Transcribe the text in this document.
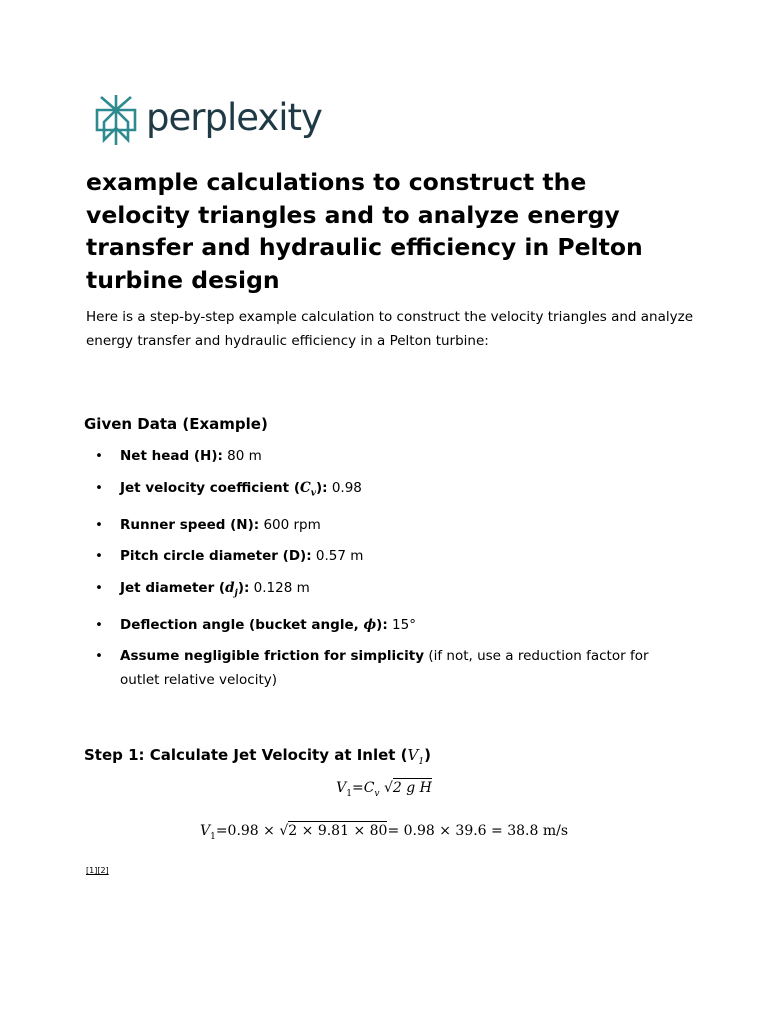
perplexity
example calculations to construct the velocity triangles and to analyze energy transfer and hydraulic efficiency in Pelton turbine design

Here is a step-by-step example calculation to construct the velocity triangles and analyze energy transfer and hydraulic efficiency in a Pelton turbine:

Given Data (Example)
• Net head (H): 80 m
• Jet velocity coefficient $(C_v)$: 0.98
• Runner speed (N): 600 rpm
• Pitch circle diameter (D): 0.57 m
• Jet diameter $(d_j)$: 0.128 m
• Deflection angle (bucket angle, ϕ): 15°
• Assume negligible friction for simplicity (if not, use a reduction factor for outlet relative velocity)
Step 1: Calculate Jet Velocity at Inlet $(V_1)$
$V_1=C_v$ √2 g H
$V_1=0.98 \times √2 \times 9.81 \times 80= 0.98 \times 39.6 = 38.8$ m/s
[1][2]
